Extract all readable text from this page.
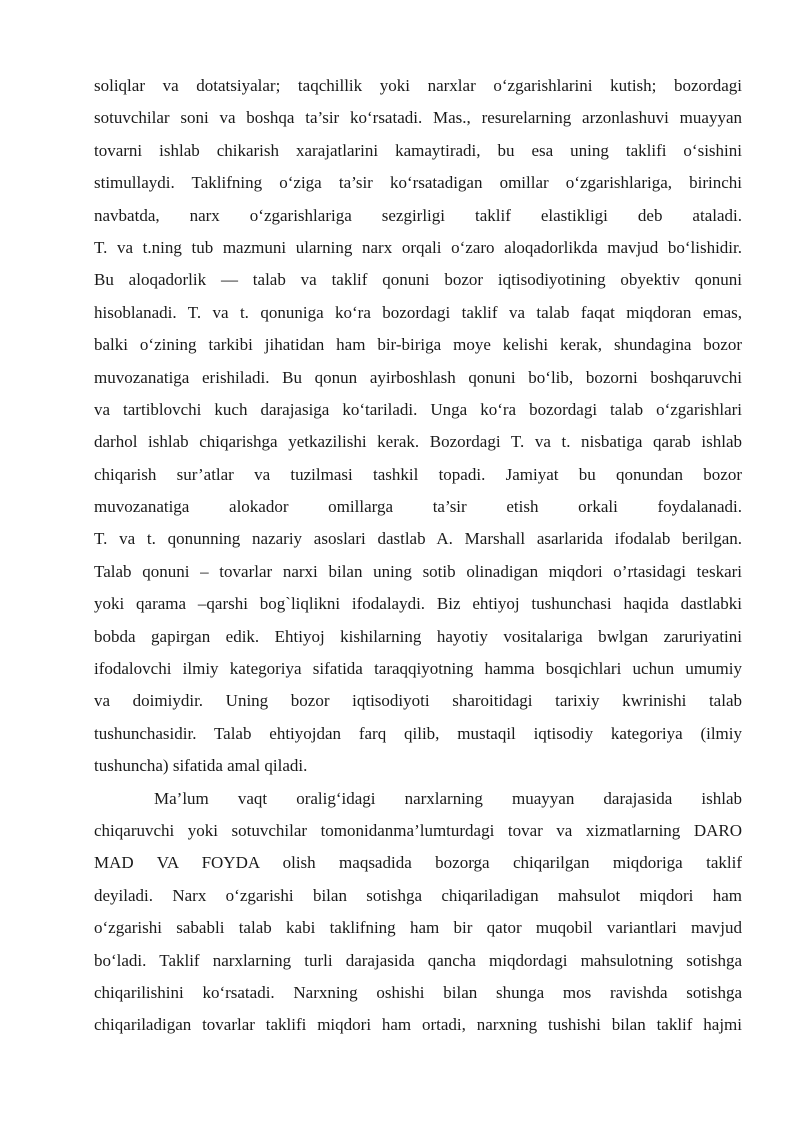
soliqlar va dotatsiyalar; taqchillik yoki narxlar o‘zgarishlarini kutish; bozordagi
sotuvchilar soni va boshqa ta’sir ko‘rsatadi. Mas., resurelarning arzonlashuvi muayyan
tovarni ishlab chikarish xarajatlarini kamaytiradi, bu esa uning taklifi o‘sishini
stimullaydi. Taklifning o‘ziga ta’sir ko‘rsatadigan omillar o‘zgarishlariga, birinchi
navbatda, narx o‘zgarishlariga sezgirligi taklif elastikligi deb ataladi.
T. va t.ning tub mazmuni ularning narx orqali o‘zaro aloqadorlikda mavjud bo‘lishidir.
Bu aloqadorlik — talab va taklif qonuni bozor iqtisodiyotining obyektiv qonuni
hisoblanadi. T. va t. qonuniga ko‘ra bozordagi taklif va talab faqat miqdoran emas,
balki o‘zining tarkibi jihatidan ham bir-biriga moye kelishi kerak, shundagina bozor
muvozanatiga erishiladi. Bu qonun ayirboshlash qonuni bo‘lib, bozorni boshqaruvchi
va tartiblovchi kuch darajasiga ko‘tariladi. Unga ko‘ra bozordagi talab o‘zgarishlari
darhol ishlab chiqarishga yetkazilishi kerak. Bozordagi T. va t. nisbatiga qarab ishlab
chiqarish sur’atlar va tuzilmasi tashkil topadi. Jamiyat bu qonundan bozor
muvozanatiga alokador omillarga ta’sir etish orkali foydalanadi.
T. va t. qonunning nazariy asoslari dastlab A. Marshall asarlarida ifodalab berilgan.
Talab qonuni – tovarlar narxi bilan uning sotib olinadigan miqdori o’rtasidagi teskari
yoki qarama –qarshi bog`liqlikni ifodalaydi. Biz ehtiyoj tushunchasi haqida dastlabki
bobda gapirgan edik. Ehtiyoj kishilarning hayotiy vositalariga bwlgan zaruriyatini
ifodalovchi ilmiy kategoriya sifatida taraqqiyotning hamma bosqichlari uchun umumiy
va doimiydir. Uning bozor iqtisodiyoti sharoitidagi tarixiy kwrinishi talab
tushunchasidir. Talab ehtiyojdan farq qilib, mustaqil iqtisodiy kategoriya (ilmiy
tushuncha) sifatida amal qiladi.
Ma’lum vaqt oralig‘idagi narxlarning muayyan darajasida ishlab
chiqaruvchi yoki sotuvchilar tomonidanma’lumturdagi tovar va xizmatlarning DARO
MAD VA FOYDA olish maqsadida bozorga chiqarilgan miqdoriga taklif
deyiladi. Narx o‘zgarishi bilan sotishga chiqariladigan mahsulot miqdori ham
o‘zgarishi sababli talab kabi taklifning ham bir qator muqobil variantlari mavjud
bo‘ladi. Taklif narxlarning turli darajasida qancha miqdordagi mahsulotning sotishga
chiqarilishini ko‘rsatadi. Narxning oshishi bilan shunga mos ravishda sotishga
chiqariladigan tovarlar taklifi miqdori ham ortadi, narxning tushishi bilan taklif hajmi
